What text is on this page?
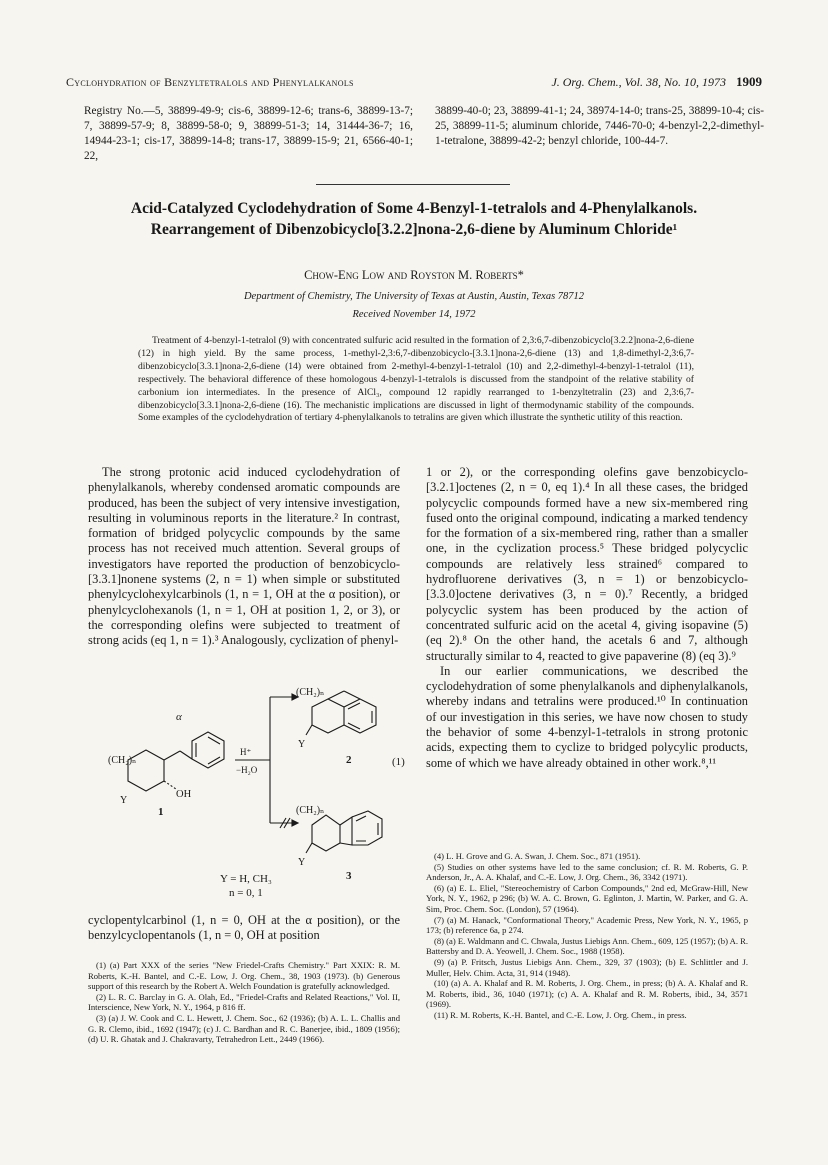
Cyclohydration of Benzyltetralols and Phenylalkanols	J. Org. Chem., Vol. 38, No. 10, 1973 1909
Registry No.—5, 38899-49-9; cis-6, 38899-12-6; trans-6, 38899-13-7; 7, 38899-57-9; 8, 38899-58-0; 9, 38899-51-3; 14, 31444-36-7; 16, 14944-23-1; cis-17, 38899-14-8; trans-17, 38899-15-9; 21, 6566-40-1; 22,
38899-40-0; 23, 38899-41-1; 24, 38974-14-0; trans-25, 38899-10-4; cis-25, 38899-11-5; aluminum chloride, 7446-70-0; 4-benzyl-2,2-dimethyl-1-tetralone, 38899-42-2; benzyl chloride, 100-44-7.
Acid-Catalyzed Cyclodehydration of Some 4-Benzyl-1-tetralols and 4-Phenylalkanols. Rearrangement of Dibenzobicyclo[3.2.2]nona-2,6-diene by Aluminum Chloride¹
Chow-Eng Low and Royston M. Roberts*
Department of Chemistry, The University of Texas at Austin, Austin, Texas 78712
Received November 14, 1972
Treatment of 4-benzyl-1-tetralol (9) with concentrated sulfuric acid resulted in the formation of 2,3:6,7-dibenzobicyclo[3.2.2]nona-2,6-diene (12) in high yield. By the same process, 1-methyl-2,3:6,7-dibenzobicyclo-[3.3.1]nona-2,6-diene (13) and 1,8-dimethyl-2,3:6,7-dibenzobicyclo[3.3.1]nona-2,6-diene (14) were obtained from 2-methyl-4-benzyl-1-tetralol (10) and 2,2-dimethyl-4-benzyl-1-tetralol (11), respectively. The behavioral difference of these homologous 4-benzyl-1-tetralols is discussed from the standpoint of the relative stability of carbonium ion intermediates. In the presence of AlCl₃, compound 12 rapidly rearranged to 1-benzyltetralin (23) and 2,3:6,7-dibenzobicyclo[3.3.1]nona-2,6-diene (16). The mechanistic implications are discussed in light of thermodynamic stability of the compounds. Some examples of the cyclodehydration of tertiary 4-phenylalkanols to tetralins are given which illustrate the synthetic utility of this reaction.
The strong protonic acid induced cyclodehydration of phenylalkanols, whereby condensed aromatic compounds are produced, has been the subject of very intensive investigation, resulting in voluminous reports in the literature.² In contrast, formation of bridged polycyclic compounds by the same process has not received much attention. Several groups of investigators have reported the production of benzobicyclo-[3.3.1]nonene systems (2, n = 1) when simple or substituted phenylcyclohexylcarbinols (1, n = 1, OH at the α position), or phenylcyclohexanols (1, n = 1, OH at position 1, 2, or 3), or the corresponding olefins were subjected to treatment of strong acids (eq 1, n = 1).³ Analogously, cyclization of phenyl-
α
(CH₂)ₙ
Y
OH
H⁺
−H₂O
1
(CH₂)ₙ
Y
2	(1)
(CH₂)ₙ
Y
3
Y = H, CH₃
n = 0, 1
cyclopentylcarbinol (1, n = 0, OH at the α position), or the benzylcyclopentanols (1, n = 0, OH at position

(1) (a) Part XXX of the series "New Friedel-Crafts Chemistry." Part XXIX: R. M. Roberts, K.-H. Bantel, and C.-E. Low, J. Org. Chem., 38, 1903 (1973). (b) Generous support of this research by the Robert A. Welch Foundation is gratefully acknowledged.

(2) L. R. C. Barclay in G. A. Olah, Ed., "Friedel-Crafts and Related Reactions," Vol. II, Interscience, New York, N. Y., 1964, p 816 ff.

(3) (a) J. W. Cook and C. L. Hewett, J. Chem. Soc., 62 (1936); (b) A. L. L. Challis and G. R. Clemo, ibid., 1692 (1947); (c) J. C. Bardhan and R. C. Banerjee, ibid., 1809 (1956); (d) U. R. Ghatak and J. Chakravarty, Tetrahedron Lett., 2449 (1966).

1 or 2), or the corresponding olefins gave benzobicyclo-[3.2.1]octenes (2, n = 0, eq 1).⁴ In all these cases, the bridged polycyclic compounds formed have a new six-membered ring fused onto the original compound, indicating a marked tendency for the formation of a six-membered ring, rather than a smaller one, in the cyclization process.⁵ These bridged polycyclic compounds are relatively less strained⁶ compared to hydrofluorene derivatives (3, n = 1) or benzobicyclo-[3.3.0]octene derivatives (3, n = 0).⁷ Recently, a bridged polycyclic system has been produced by the action of concentrated sulfuric acid on the acetal 4, giving isopavine (5) (eq 2).⁸ On the other hand, the acetals 6 and 7, although structurally similar to 4, reacted to give papaverine (8) (eq 3).⁹

In our earlier communications, we described the cyclodehydration of some phenylalkanols and diphenylalkanols, whereby indans and tetralins were produced.¹⁰ In continuation of our investigation in this series, we have now chosen to study the behavior of some 4-benzyl-1-tetralols in strong protonic acids, expecting them to cyclize to bridged polycylic products, some of which we have already obtained in other work.⁸,¹¹

(4) L. H. Grove and G. A. Swan, J. Chem. Soc., 871 (1951).

(5) Studies on other systems have led to the same conclusion; cf. R. M. Roberts, G. P. Anderson, Jr., A. A. Khalaf, and C.-E. Low, J. Org. Chem., 36, 3342 (1971).

(6) (a) E. L. Eliel, "Stereochemistry of Carbon Compounds," 2nd ed, McGraw-Hill, New York, N. Y., 1962, p 296; (b) W. A. C. Brown, G. Eglinton, J. Martin, W. Parker, and G. A. Sim, Proc. Chem. Soc. (London), 57 (1964).

(7) (a) M. Hanack, "Conformational Theory," Academic Press, New York, N. Y., 1965, p 173; (b) reference 6a, p 274.

(8) (a) E. Waldmann and C. Chwala, Justus Liebigs Ann. Chem., 609, 125 (1957); (b) A. R. Battersby and D. A. Yeowell, J. Chem. Soc., 1988 (1958).

(9) (a) P. Fritsch, Justus Liebigs Ann. Chem., 329, 37 (1903); (b) E. Schlittler and J. Muller, Helv. Chim. Acta, 31, 914 (1948).

(10) (a) A. A. Khalaf and R. M. Roberts, J. Org. Chem., in press; (b) A. A. Khalaf and R. M. Roberts, ibid., 36, 1040 (1971); (c) A. A. Khalaf and R. M. Roberts, ibid., 34, 3571 (1969).

(11) R. M. Roberts, K.-H. Bantel, and C.-E. Low, J. Org. Chem., in press.
